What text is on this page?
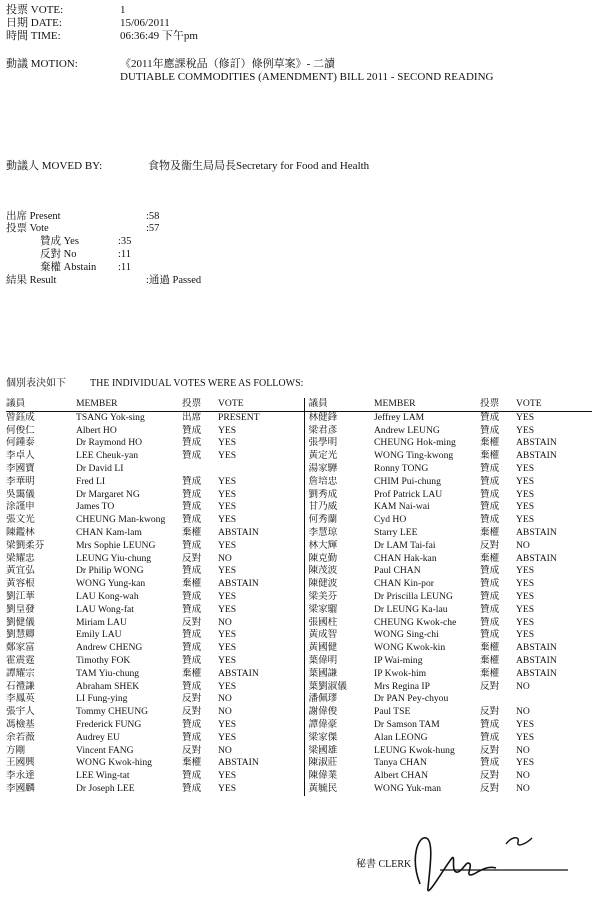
投票 VOTE:	1
日期 DATE:	15/06/2011
時間 TIME:	06:36:49 下午pm
動議 MOTION:	《2011年應課稅品（修訂）條例草案》- 二讀
DUTIABLE COMMODITIES (AMENDMENT) BILL 2011 - SECOND READING
動議人 MOVED BY:	食物及衞生局局長Secretary for Food and Health
出席 Present	:58
投票 Vote	:57
贊成 Yes	:35
反對 No	:11
棄權 Abstain :11
結果 Result	:通過 Passed
個別表決如下 THE INDIVIDUAL VOTES WERE AS FOLLOWS:
議員	MEMBER	投票	VOTE	議員	MEMBER	投票	VOTE
曾鈺成	TSANG Yok-sing	出席	PRESENT	林健鋒	Jeffrey LAM	贊成	YES
何俊仁	Albert HO	贊成	YES	梁君彥	Andrew LEUNG	贊成	YES
何鍾泰	Dr Raymond HO	贊成	YES	張學明	CHEUNG Hok-ming	棄權	ABSTAIN
李卓人	LEE Cheuk-yan	贊成	YES	黃定光	WONG Ting-kwong	棄權	ABSTAIN
李國寶	Dr David LI			湯家驊	Ronny TONG	贊成	YES
李華明	Fred LI	贊成	YES	詹培忠	CHIM Pui-chung	贊成	YES
吳靄儀	Dr Margaret NG	贊成	YES	劉秀成	Prof Patrick LAU	贊成	YES
涂謹申	James TO	贊成	YES	甘乃威	KAM Nai-wai	贊成	YES
張文光	CHEUNG Man-kwong	贊成	YES	何秀蘭	Cyd HO	贊成	YES
陳鑑林	CHAN Kam-lam	棄權	ABSTAIN	李慧琼	Starry LEE	棄權	ABSTAIN
梁劉柔芬	Mrs Sophie LEUNG	贊成	YES	林大輝	Dr LAM Tai-fai	反對	NO
梁耀忠	LEUNG Yiu-chung	反對	NO	陳克勤	CHAN Hak-kan	棄權	ABSTAIN
黃宜弘	Dr Philip WONG	贊成	YES	陳茂波	Paul CHAN	贊成	YES
黃容根	WONG Yung-kan	棄權	ABSTAIN	陳健波	CHAN Kin-por	贊成	YES
劉江華	LAU Kong-wah	贊成	YES	梁美芬	Dr Priscilla LEUNG	贊成	YES
劉皇發	LAU Wong-fat	贊成	YES	梁家騮	Dr LEUNG Ka-lau	贊成	YES
劉健儀	Miriam LAU	反對	NO	張國柱	CHEUNG Kwok-che	贊成	YES
劉慧卿	Emily LAU	贊成	YES	黃成智	WONG Sing-chi	贊成	YES
鄭家富	Andrew CHENG	贊成	YES	黃國健	WONG Kwok-kin	棄權	ABSTAIN
霍震霆	Timothy FOK	贊成	YES	葉偉明	IP Wai-ming	棄權	ABSTAIN
譚耀宗	TAM Yiu-chung	棄權	ABSTAIN	葉國謙	IP Kwok-him	棄權	ABSTAIN
石禮謙	Abraham SHEK	贊成	YES	葉劉淑儀	Mrs Regina IP	反對	NO
李鳳英	LI Fung-ying	反對	NO	潘佩璆	Dr PAN Pey-chyou		
張宇人	Tommy CHEUNG	反對	NO	謝偉俊	Paul TSE	反對	NO
馮檢基	Frederick FUNG	贊成	YES	譚偉豪	Dr Samson TAM	贊成	YES
余若薇	Audrey EU	贊成	YES	梁家傑	Alan LEONG	贊成	YES
方剛	Vincent FANG	反對	NO	梁國雄	LEUNG Kwok-hung	反對	NO
王國興	WONG Kwok-hing	棄權	ABSTAIN	陳淑莊	Tanya CHAN	贊成	YES
李永達	LEE Wing-tat	贊成	YES	陳偉業	Albert CHAN	反對	NO
李國麟	Dr Joseph LEE	贊成	YES	黃毓民	WONG Yuk-man	反對	NO
秘書 CLERK
